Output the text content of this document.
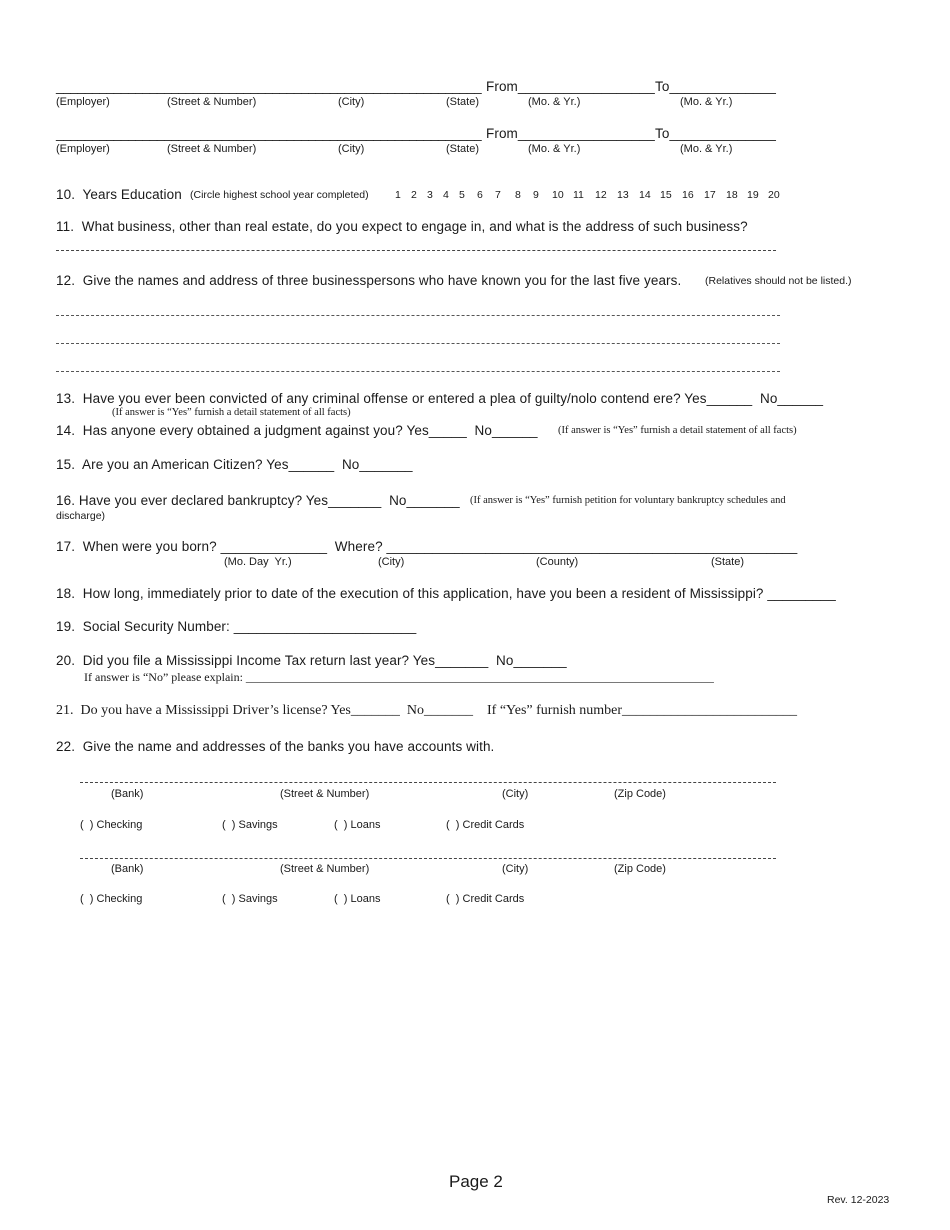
___________________________________________________________ From__________________ To______________
(Employer)	(Street & Number)	(City)	(State)	(Mo. & Yr.)	(Mo. & Yr.)
___________________________________________________________ From__________________ To______________
(Employer)	(Street & Number)	(City)	(State)	(Mo. & Yr.)	(Mo. & Yr.)
10.  Years Education (Circle highest school year completed)	1 2 3 4 5 6 7 8 9 10 11 12 13 14 15 16 17 18 19 20
11.  What business, other than real estate, do you expect to engage in, and what is the address of such business?
12.  Give the names and address of three businesspersons who have known you for the last five years. (Relatives should not be listed.)
13.  Have you ever been convicted of any criminal offense or entered a plea of guilty/nolo contend ere? Yes______  No______
(If answer is “Yes” furnish a detail statement of all facts)
14.  Has anyone every obtained a judgment against you? Yes_____  No______ (If answer is “Yes” furnish a detail statement of all facts)
15.  Are you an American Citizen? Yes______  No_______
16. Have you ever declared bankruptcy? Yes_______  No_______ (If answer is “Yes” furnish petition for voluntary bankruptcy schedules and
discharge)
17.  When were you born? ______________  Where? ______________________________________________________
(Mo. Day  Yr.)	(City)	(County)	(State)
18.  How long, immediately prior to date of the execution of this application, have you been a resident of Mississippi? _________
19.  Social Security Number: ________________________
20.  Did you file a Mississippi Income Tax return last year? Yes_______  No_______
If answer is “No” please explain: ______________________________________________________________________________
21.  Do you have a Mississippi Driver’s license? Yes_______  No_______    If “Yes” furnish number_________________________
22.  Give the name and addresses of the banks you have accounts with.
(Bank)	(Street & Number)	(City)	(Zip Code)
(  ) Checking	(  ) Savings	(  ) Loans	(  ) Credit Cards
(Bank)	(Street & Number)	(City)	(Zip Code)
(  ) Checking	(  ) Savings	(  ) Loans	(  ) Credit Cards
Page 2
Rev. 12-2023
